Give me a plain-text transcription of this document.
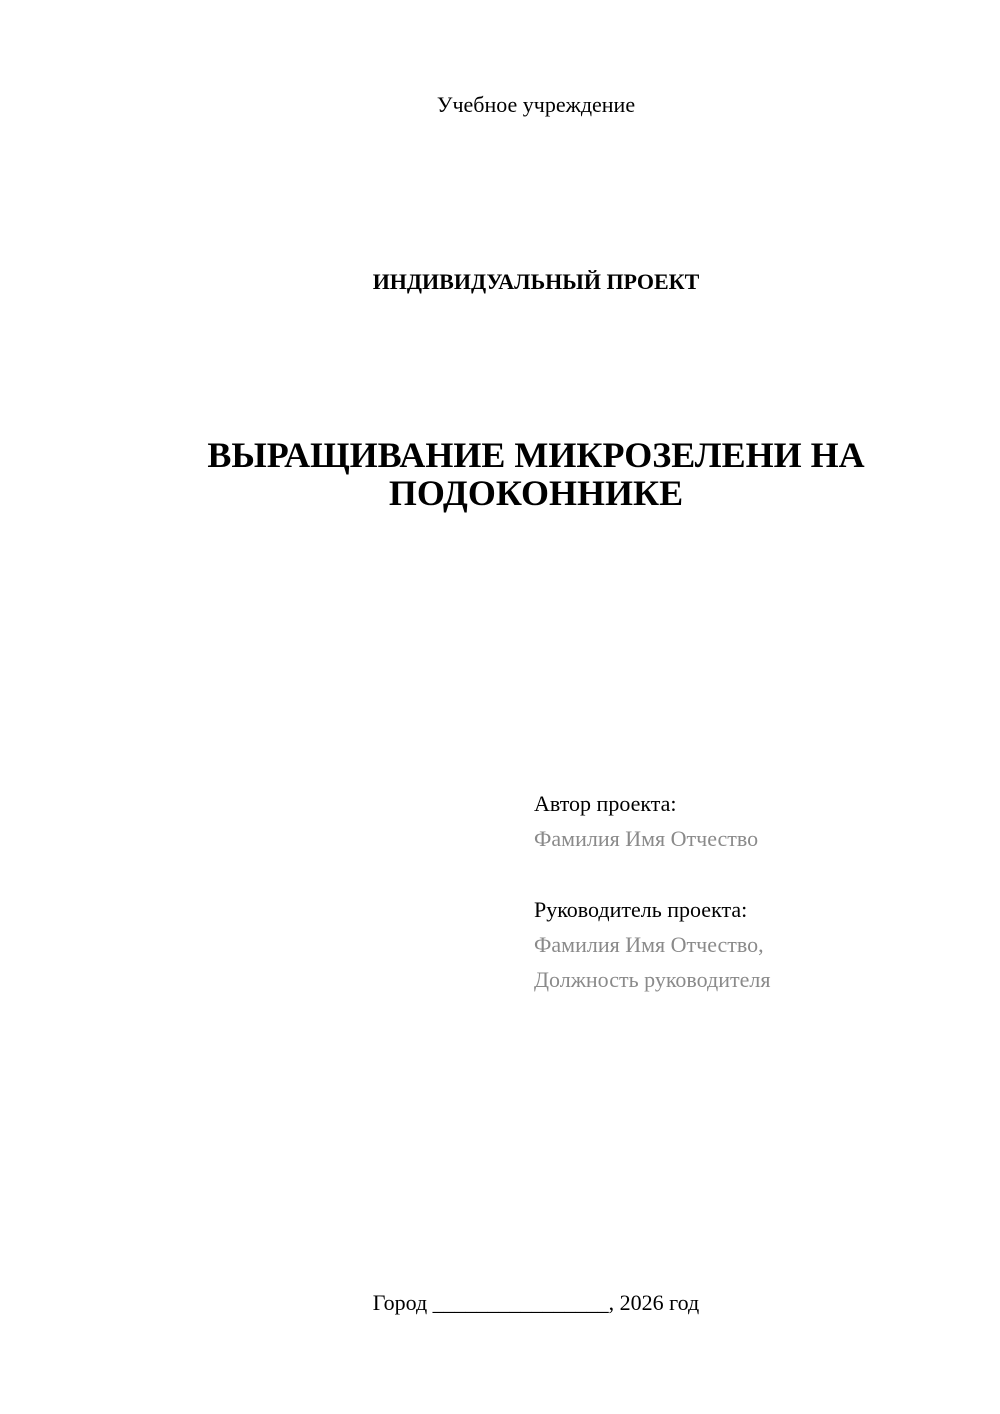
Учебное учреждение
ИНДИВИДУАЛЬНЫЙ ПРОЕКТ
ВЫРАЩИВАНИЕ МИКРОЗЕЛЕНИ НА
ПОДОКОННИКЕ
Автор проекта:
Фамилия Имя Отчество
Руководитель проекта:
Фамилия Имя Отчество,
Должность руководителя
Город ________________, 2026 год
